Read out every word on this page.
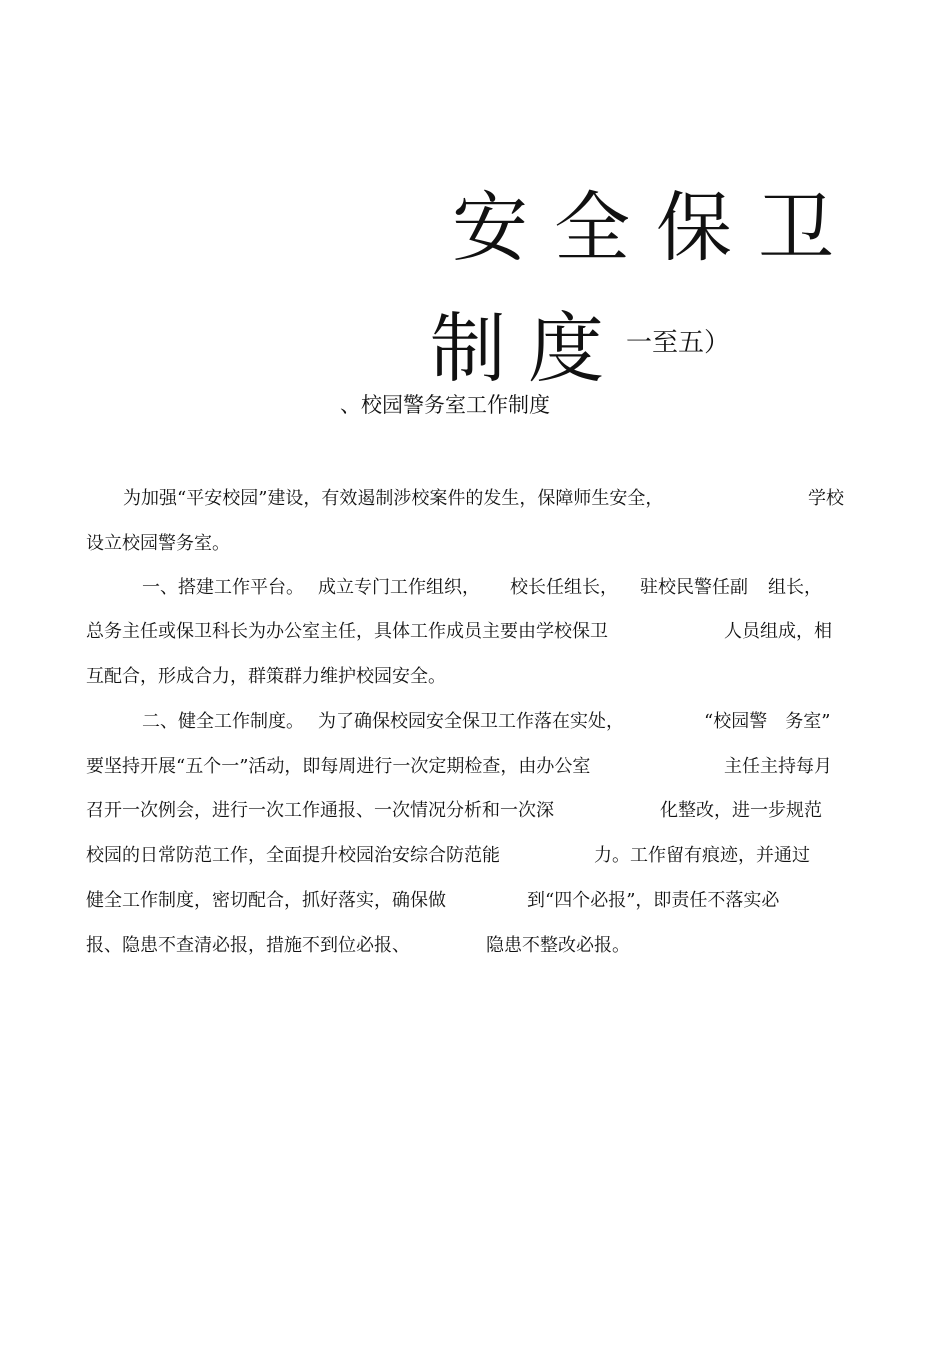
安全保卫
制度一至五）
、校园警务室工作制度
为加强“平安校园”建设，有效遏制涉校案件的发生，保障师生安全，	学校
设立校园警务室。
一、搭建工作平台。 成立专门工作组织， 校长任组长， 驻校民警任副 组长，
总务主任或保卫科长为办公室主任，具体工作成员主要由学校保卫	人员组成，相
互配合，形成合力，群策群力维护校园安全。
二、健全工作制度。 为了确保校园安全保卫工作落在实处，	“校园警 务室”
要坚持开展“五个一”活动，即每周进行一次定期检查，由办公室	主任主持每月
召开一次例会，进行一次工作通报、一次情况分析和一次深	化整改，进一步规范
校园的日常防范工作，全面提升校园治安综合防范能	力。工作留有痕迹，并通过
健全工作制度，密切配合，抓好落实，确保做	到“四个必报”，即责任不落实必
报、隐患不查清必报，措施不到位必报、	隐患不整改必报。
